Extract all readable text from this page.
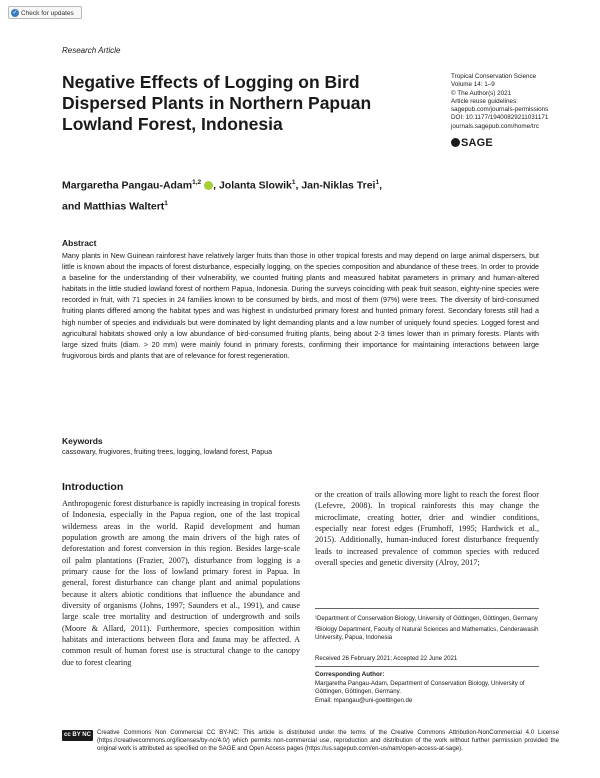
✓ Check for updates
Research Article
Negative Effects of Logging on Bird Dispersed Plants in Northern Papuan Lowland Forest, Indonesia
Tropical Conservation Science
Volume 14: 1–9
© The Author(s) 2021
Article reuse guidelines:
sagepub.com/journals-permissions
DOI: 10.1177/19400829211031171
journals.sagepub.com/home/trc
SAGE
Margaretha Pangau-Adam$^{1,2}$ , Jolanta Slowik$^1$, Jan-Niklas Trei$^1$,
and Matthias Waltert$^1$
Abstract
Many plants in New Guinean rainforest have relatively larger fruits than those in other tropical forests and may depend on large animal dispersers, but little is known about the impacts of forest disturbance, especially logging, on the species composition and abundance of these trees. In order to provide a baseline for the understanding of their vulnerability, we counted fruiting plants and measured habitat parameters in primary and human-altered habitats in the little studied lowland forest of northern Papua, Indonesia. During the surveys coinciding with peak fruit season, eighty-nine species were recorded in fruit, with 71 species in 24 families known to be consumed by birds, and most of them (97%) were trees. The diversity of bird-consumed fruiting plants differed among the habitat types and was highest in undisturbed primary forest and hunted primary forest. Secondary forests still had a high number of species and individuals but were dominated by light demanding plants and a low number of uniquely found species. Logged forest and agricultural habitats showed only a low abundance of bird-consumed fruiting plants, being about 2-3 times lower than in primary forests. Plants with large sized fruits (diam. > 20 mm) were mainly found in primary forests, confirming their importance for maintaining interactions between large frugivorous birds and plants that are of relevance for forest regeneration.
Keywords
cassowary, frugivores, fruiting trees, logging, lowland forest, Papua
Introduction
Anthropogenic forest disturbance is rapidly increasing in tropical forests of Indonesia, especially in the Papua region, one of the last tropical wilderness areas in the world. Rapid development and human population growth are among the main drivers of the high rates of deforestation and forest conversion in this region. Besides large-scale oil palm plantations (Frazier, 2007), disturbance from logging is a primary cause for the loss of lowland primary forest in Papua. In general, forest disturbance can change plant and animal populations because it alters abiotic conditions that influence the abundance and diversity of organisms (Johns, 1997; Saunders et al., 1991), and cause large scale tree mortality and destruction of undergrowth and soils (Moore & Allard, 2011). Furthermore, species composition within habitats and interactions between flora and fauna may be affected. A common result of human forest use is structural change to the canopy due to forest clearing
or the creation of trails allowing more light to reach the forest floor (Lefevre, 2008). In tropical rainforests this may change the microclimate, creating hotter, drier and windier conditions, especially near forest edges (Frumhoff, 1995; Hardwick et al., 2015). Additionally, human-induced forest disturbance frequently leads to increased prevalence of common species with reduced overall species and genetic diversity (Alroy, 2017;

¹Department of Conservation Biology, University of Göttingen, Göttingen, Germany

²Biology Department, Faculty of Natural Sciences and Mathematics, Cenderawasih University, Papua, Indonesia

Received 26 February 2021; Accepted 22 June 2021
Corresponding Author:
Margaretha Pangau-Adam, Department of Conservation Biology, University of Göttingen, Göttingen, Germany.
Email: mpangau@uni-goettingen.de
cc BY NC Creative Commons Non Commercial CC BY-NC: This article is distributed under the terms of the Creative Commons Attribution-NonCommercial 4.0 License (https://creativecommons.org/licenses/by-nc/4.0/) which permits non-commercial use, reproduction and distribution of the work without further permission provided the original work is attributed as specified on the SAGE and Open Access pages (https://us.sagepub.com/en-us/nam/open-access-at-sage).
